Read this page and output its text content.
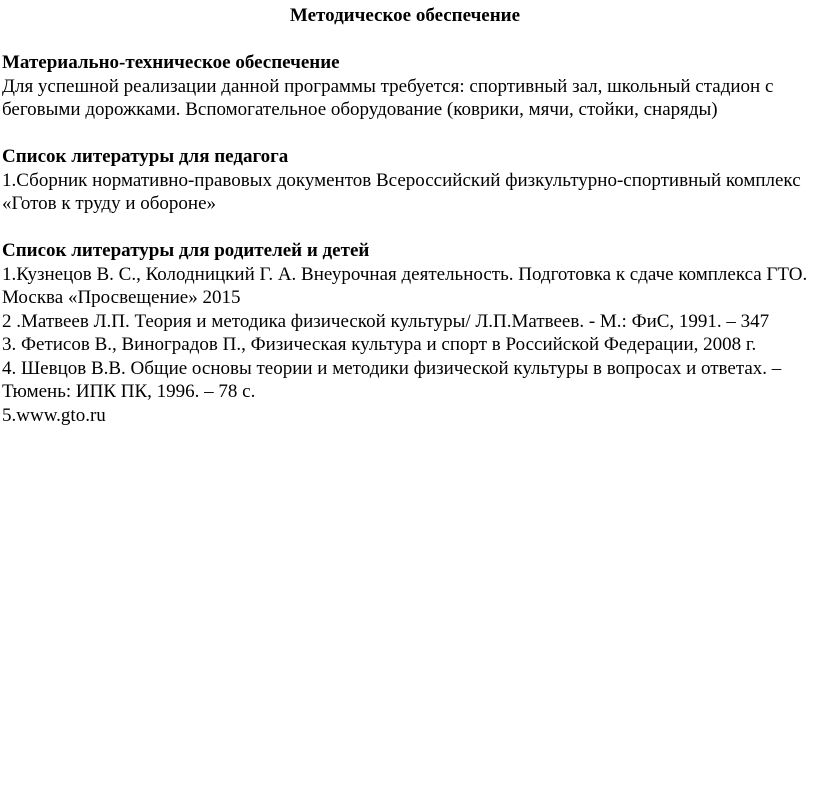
Методическое обеспечение

Материально-техническое обеспечение

Для успешной реализации данной программы требуется: спортивный зал, школьный стадион с беговыми дорожками. Вспомогательное оборудование (коврики, мячи, стойки, снаряды)

Список литературы для педагога

1.Сборник нормативно-правовых документов Всероссийский физкультурно-спортивный комплекс «Готов к труду и обороне»

Список литературы для родителей и детей

1.Кузнецов В. С., Колодницкий Г. А. Внеурочная деятельность. Подготовка к сдаче комплекса ГТО. Москва «Просвещение» 2015
2 .Матвеев Л.П. Теория и методика физической культуры/ Л.П.Матвеев. - М.: ФиС, 1991. – 347
3. Фетисов В., Виноградов П., Физическая культура и спорт в Российской Федерации, 2008 г.
4. Шевцов В.В. Общие основы теории и методики физической культуры в вопросах и ответах. – Тюмень: ИПК ПК, 1996. – 78 с.
5.www.gto.ru
